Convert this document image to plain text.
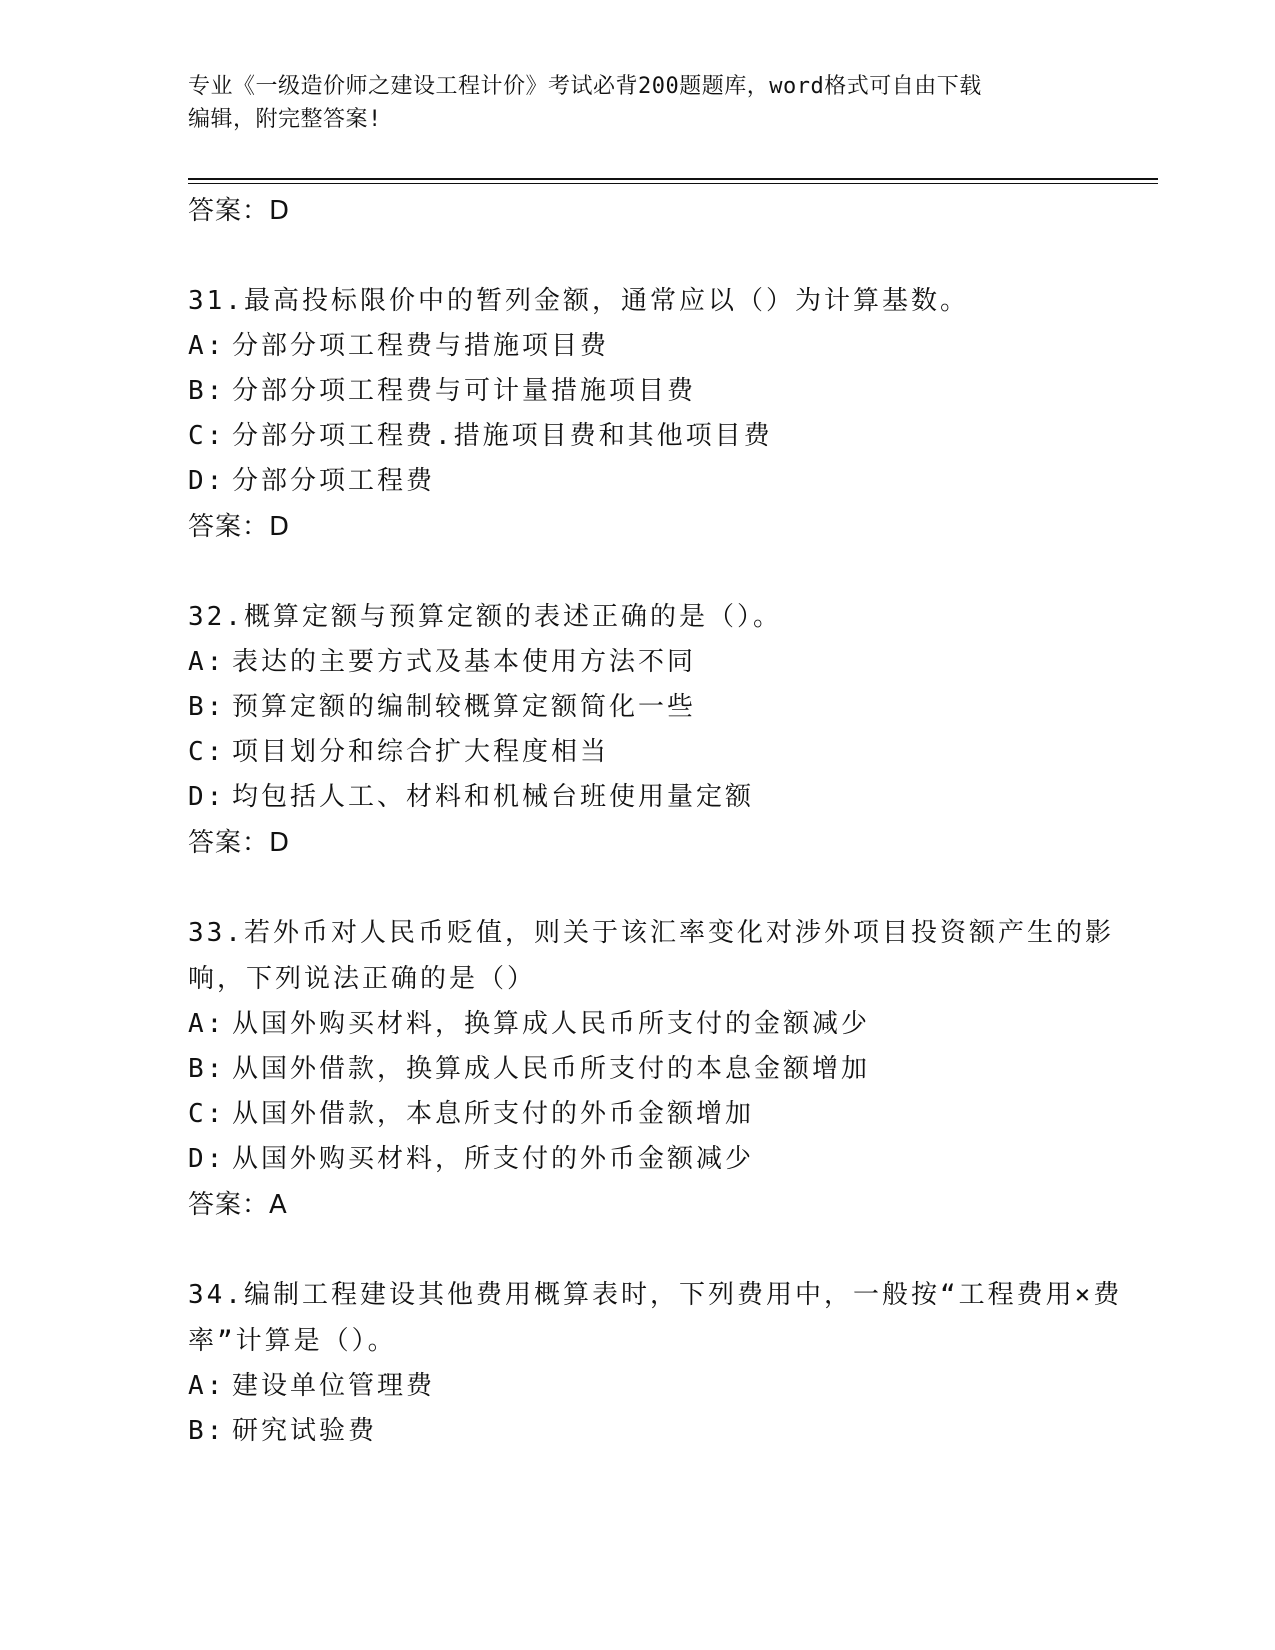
专业《一级造价师之建设工程计价》考试必背200题题库，word格式可自由下载
编辑，附完整答案!
答案：D
31.最高投标限价中的暂列金额，通常应以（）为计算基数。
A: 分部分项工程费与措施项目费
B: 分部分项工程费与可计量措施项目费
C: 分部分项工程费.措施项目费和其他项目费
D: 分部分项工程费
答案：D
32.概算定额与预算定额的表述正确的是（）。
A: 表达的主要方式及基本使用方法不同
B: 预算定额的编制较概算定额简化一些
C: 项目划分和综合扩大程度相当
D: 均包括人工、材料和机械台班使用量定额
答案：D
33.若外币对人民币贬值，则关于该汇率变化对涉外项目投资额产生的影响，下列说法正确的是（）
A: 从国外购买材料，换算成人民币所支付的金额减少
B: 从国外借款，换算成人民币所支付的本息金额增加
C: 从国外借款，本息所支付的外币金额增加
D: 从国外购买材料，所支付的外币金额减少
答案：A
34.编制工程建设其他费用概算表时，下列费用中，一般按“工程费用×费率”计算是（）。
A: 建设单位管理费
B: 研究试验费
